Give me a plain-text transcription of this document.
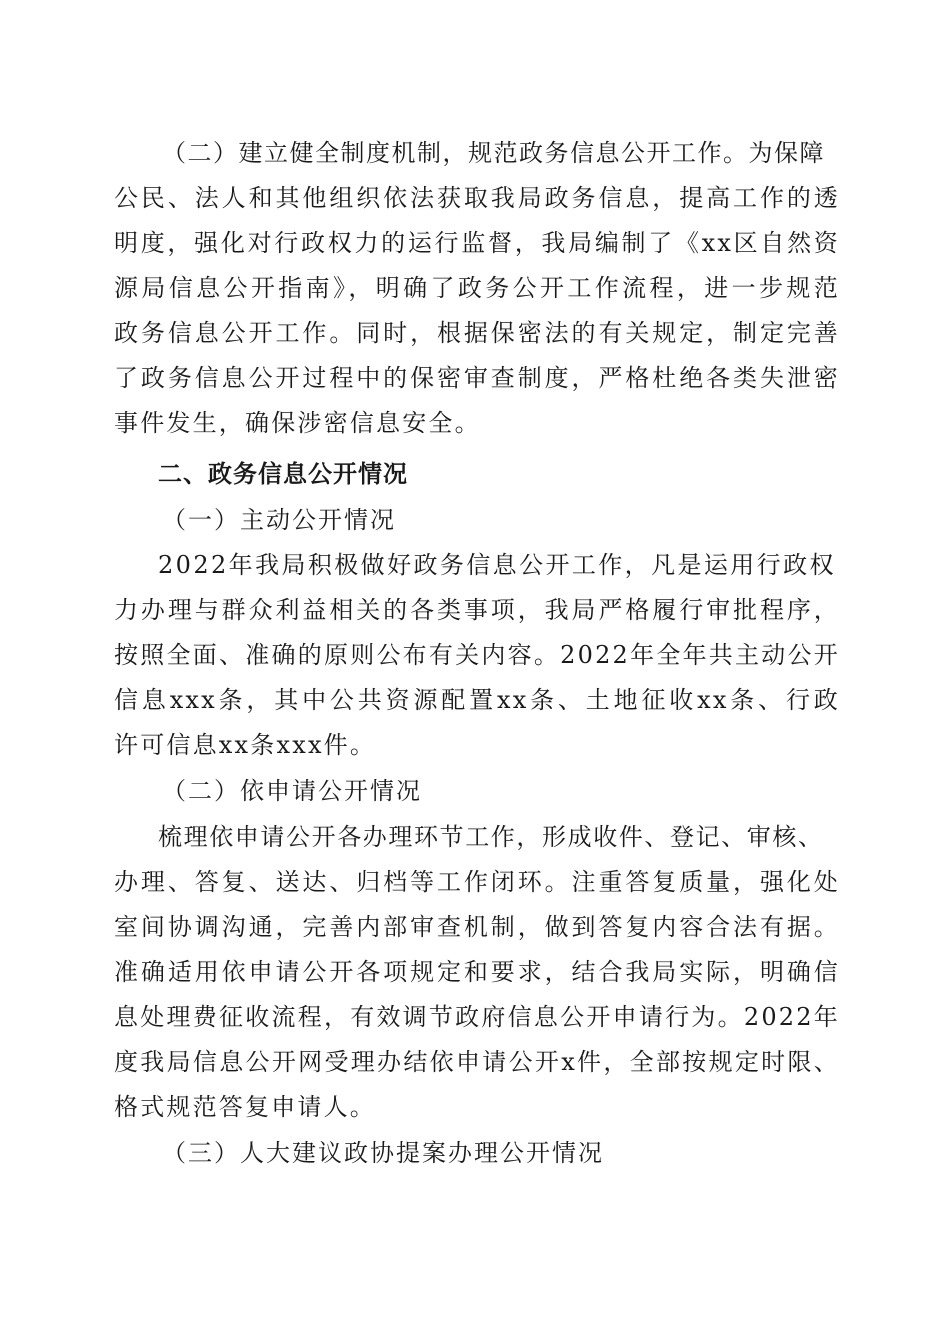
（二）建立健全制度机制，规范政务信息公开工作。为保障
公民、法人和其他组织依法获取我局政务信息，提高工作的透
明度，强化对行政权力的运行监督，我局编制了《xx区自然资
源局信息公开指南》，明确了政务公开工作流程，进一步规范
政务信息公开工作。同时，根据保密法的有关规定，制定完善
了政务信息公开过程中的保密审查制度，严格杜绝各类失泄密
事件发生，确保涉密信息安全。
二、政务信息公开情况
（一）主动公开情况
2022年我局积极做好政务信息公开工作，凡是运用行政权
力办理与群众利益相关的各类事项，我局严格履行审批程序，
按照全面、准确的原则公布有关内容。2022年全年共主动公开
信息xxx条，其中公共资源配置xx条、土地征收xx条、行政
许可信息xx条xxx件。
（二）依申请公开情况
梳理依申请公开各办理环节工作，形成收件、登记、审核、
办理、答复、送达、归档等工作闭环。注重答复质量，强化处
室间协调沟通，完善内部审查机制，做到答复内容合法有据。
准确适用依申请公开各项规定和要求，结合我局实际，明确信
息处理费征收流程，有效调节政府信息公开申请行为。2022年
度我局信息公开网受理办结依申请公开x件，全部按规定时限、
格式规范答复申请人。
（三）人大建议政协提案办理公开情况
